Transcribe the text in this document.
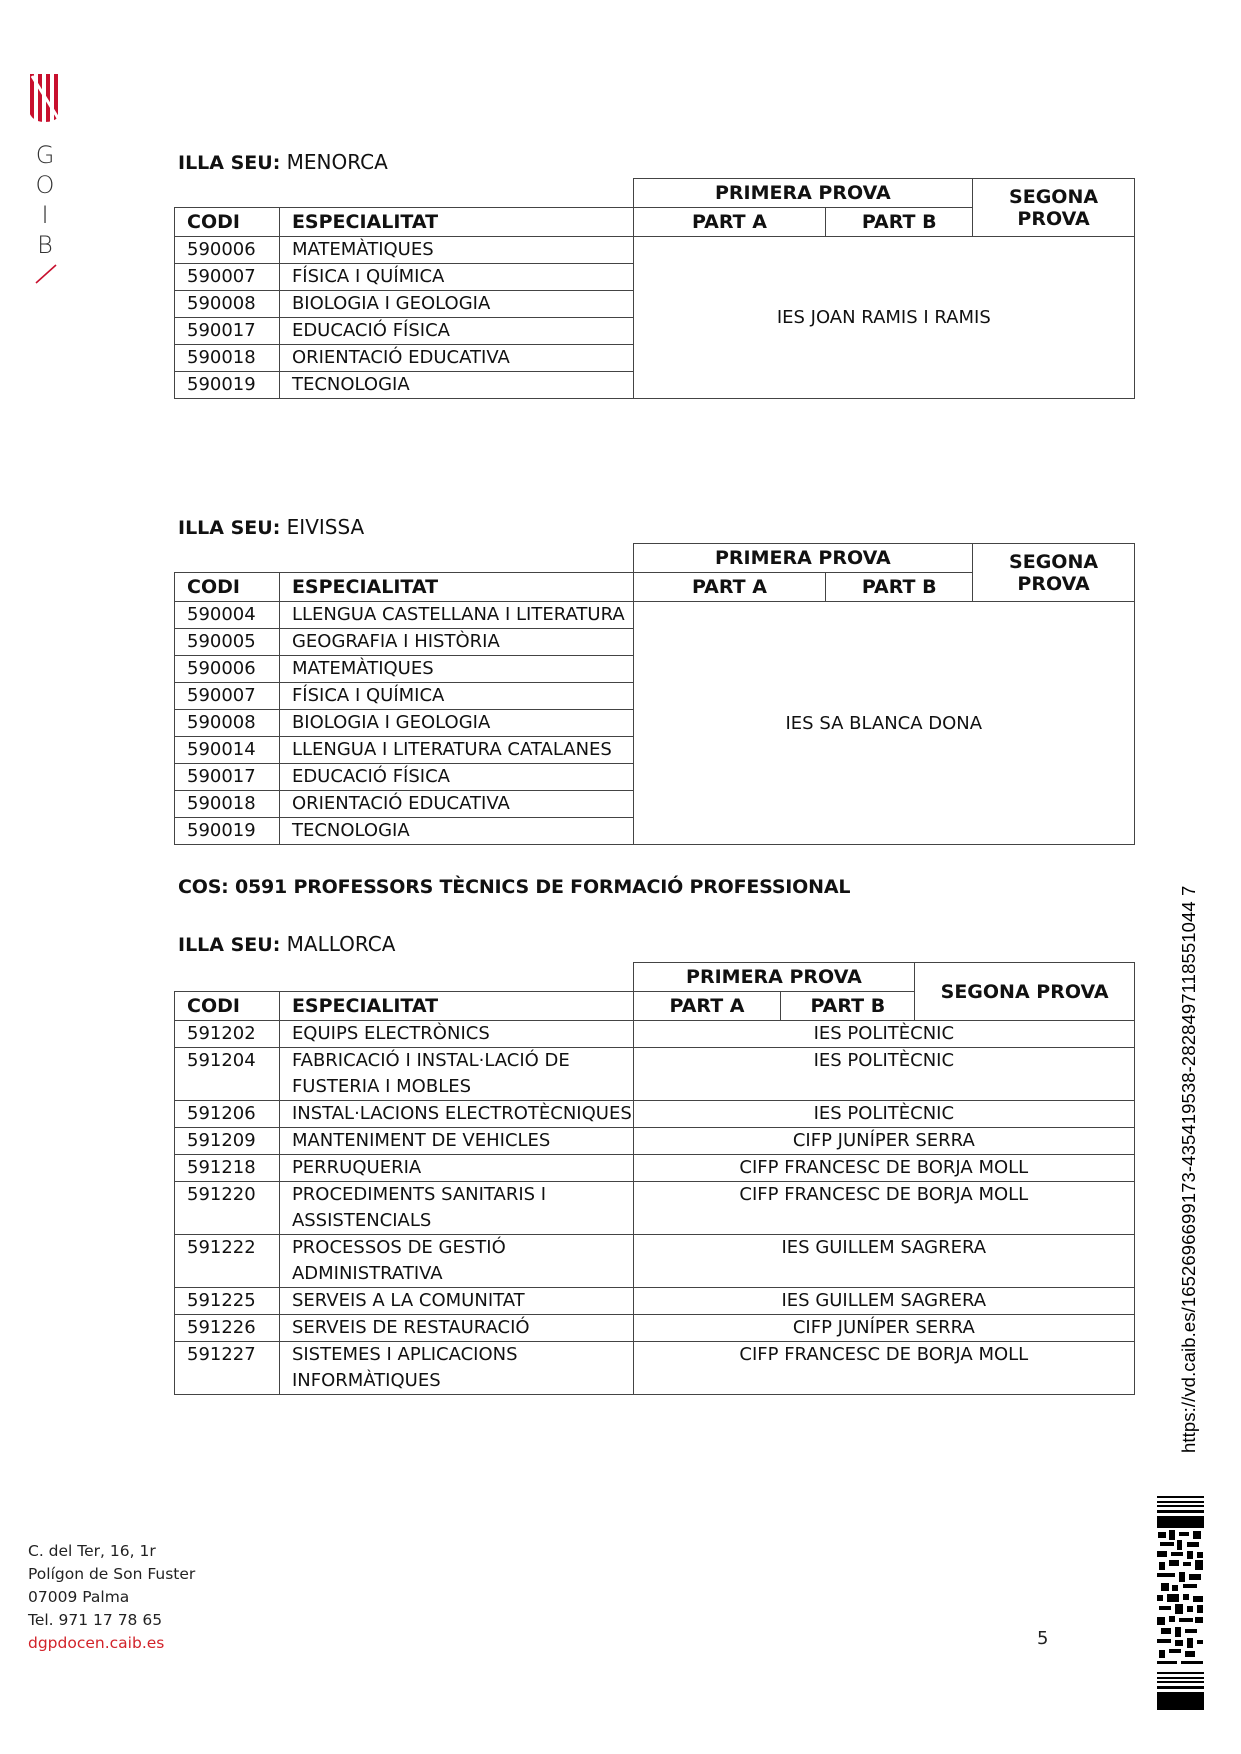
G
O
I
B
ILLA SEU: MENORCA
		PRIMERA PROVA		SEGONA
PROVA
CODI	ESPECIALITAT	PART A	PART B	
590006	MATEMÀTIQUES	IES JOAN RAMIS I RAMIS		
590007	FÍSICA I QUÍMICA			
590008	BIOLOGIA I GEOLOGIA			
590017	EDUCACIÓ FÍSICA			
590018	ORIENTACIÓ EDUCATIVA			
590019	TECNOLOGIA			
ILLA SEU: EIVISSA
		PRIMERA PROVA		SEGONA
PROVA
CODI	ESPECIALITAT	PART A	PART B	
590004	LLENGUA CASTELLANA I LITERATURA	IES SA BLANCA DONA		
590005	GEOGRAFIA I HISTÒRIA			
590006	MATEMÀTIQUES			
590007	FÍSICA I QUÍMICA			
590008	BIOLOGIA I GEOLOGIA			
590014	LLENGUA I LITERATURA CATALANES			
590017	EDUCACIÓ FÍSICA			
590018	ORIENTACIÓ EDUCATIVA			
590019	TECNOLOGIA			
COS: 0591 PROFESSORS TÈCNICS DE FORMACIÓ PROFESSIONAL
ILLA SEU: MALLORCA
		PRIMERA PROVA		SEGONA PROVA
CODI	ESPECIALITAT	PART A	PART B	
591202	EQUIPS ELECTRÒNICS	IES POLITÈCNIC		
591204	FABRICACIÓ I INSTAL·LACIÓ DE FUSTERIA I MOBLES	IES POLITÈCNIC		
591206	INSTAL·LACIONS ELECTROTÈCNIQUES	IES POLITÈCNIC		
591209	MANTENIMENT DE VEHICLES	CIFP JUNÍPER SERRA		
591218	PERRUQUERIA	CIFP FRANCESC DE BORJA MOLL		
591220	PROCEDIMENTS SANITARIS I ASSISTENCIALS	CIFP FRANCESC DE BORJA MOLL		
591222	PROCESSOS DE GESTIÓ ADMINISTRATIVA	IES GUILLEM SAGRERA		
591225	SERVEIS A LA COMUNITAT	IES GUILLEM SAGRERA		
591226	SERVEIS DE RESTAURACIÓ	CIFP JUNÍPER SERRA		
591227	SISTEMES I APLICACIONS INFORMÀTIQUES	CIFP FRANCESC DE BORJA MOLL		
C. del Ter, 16, 1r
Polígon de Son Fuster
07009 Palma
Tel. 971 17 78 65
dgpdocen.caib.es	5
https://vd.caib.es/1652696699173-435419538-2828497118551044 7
